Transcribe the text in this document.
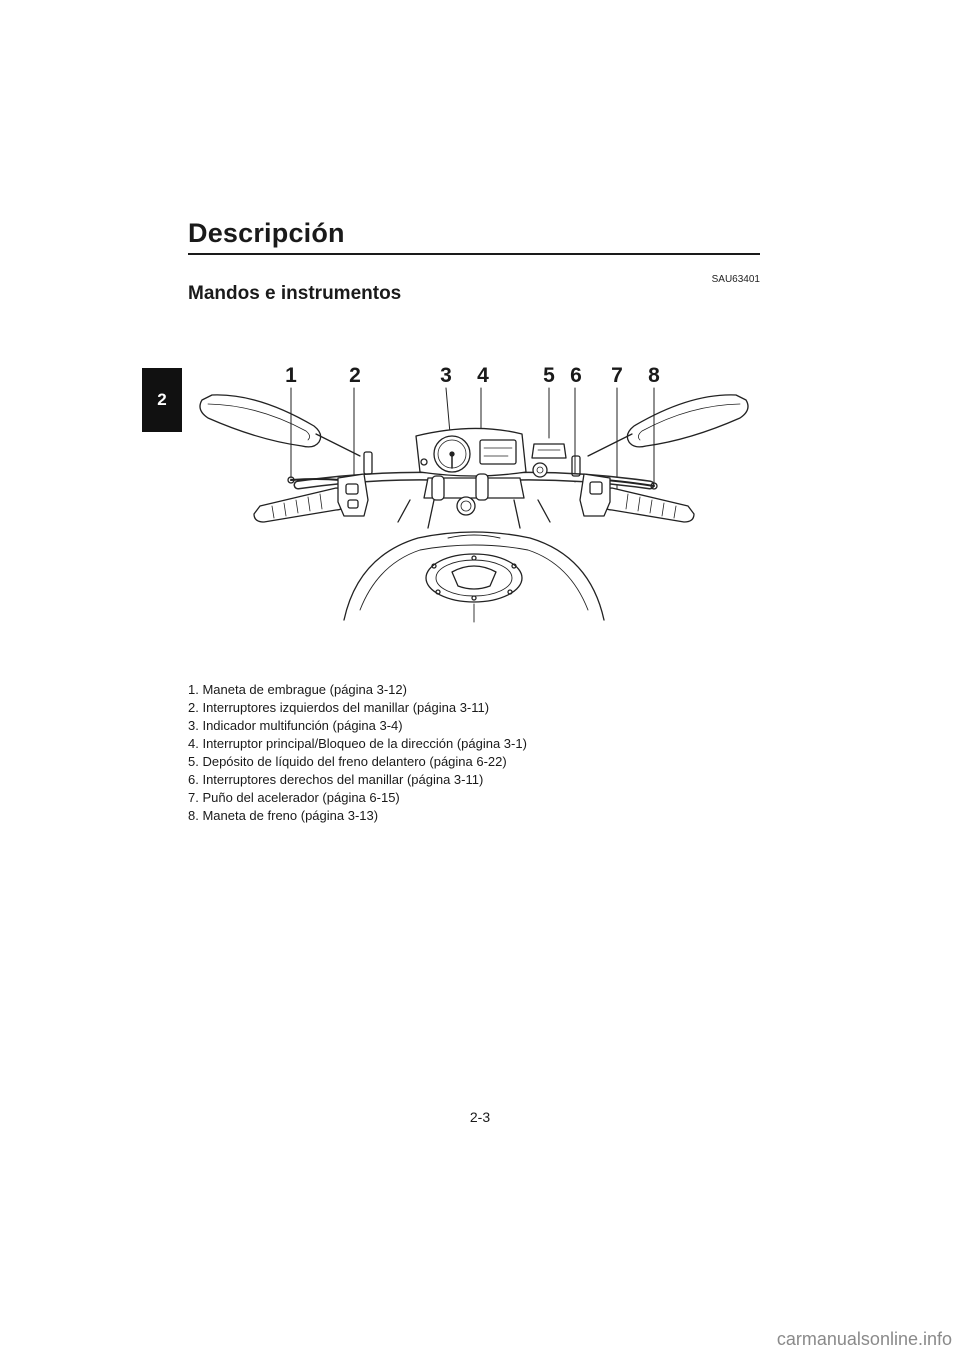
2
Descripción
SAU63401
Mandos e instrumentos
1 2	3 4	5 6 7 8
1. Maneta de embrague (página 3-12)
2. Interruptores izquierdos del manillar (página 3-11)
3. Indicador multifunción (página 3-4)
4. Interruptor principal/Bloqueo de la dirección (página 3-1)
5. Depósito de líquido del freno delantero (página 6-22)
6. Interruptores derechos del manillar (página 3-11)
7. Puño del acelerador (página 6-15)
8. Maneta de freno (página 3-13)
2-3
carmanualsonline.info
